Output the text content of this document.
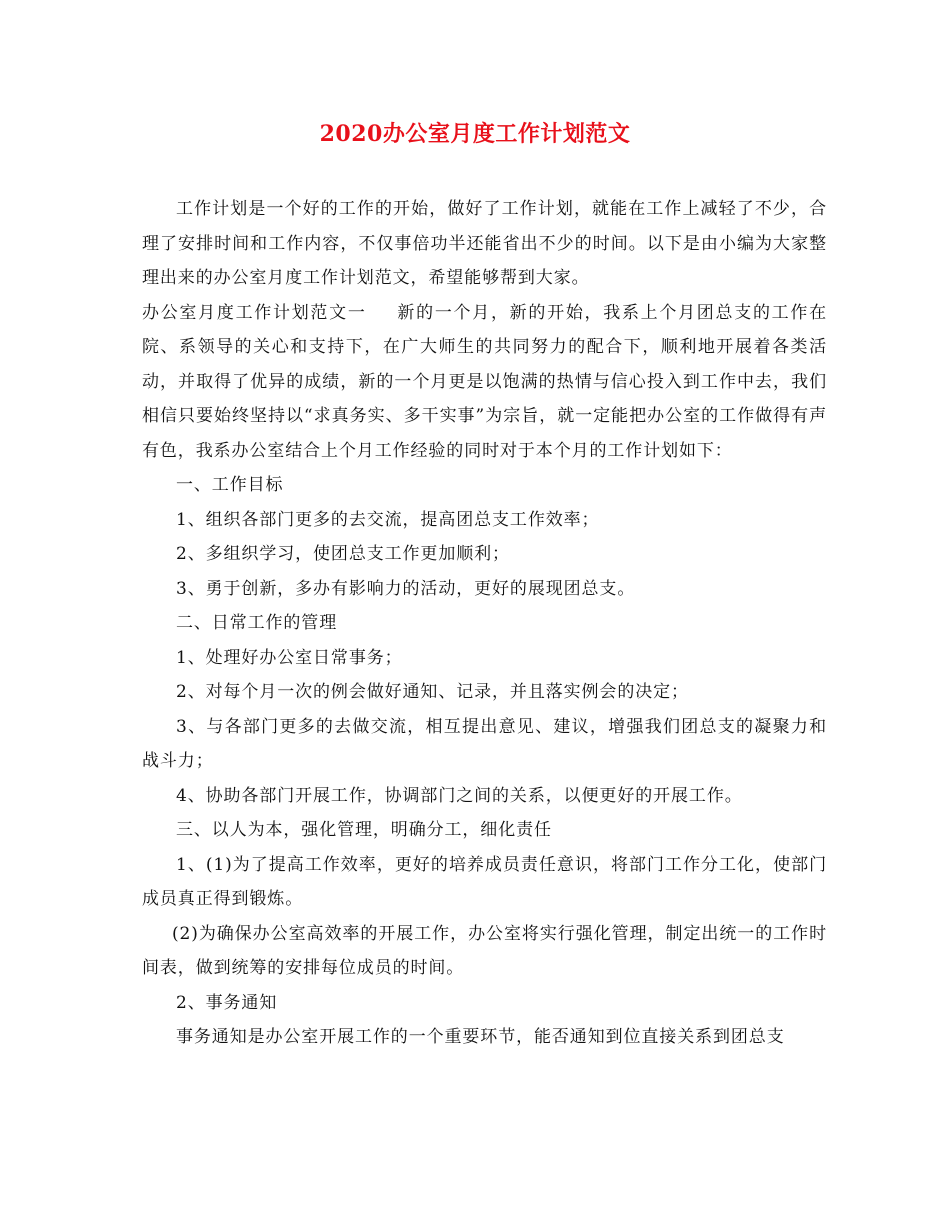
2020办公室月度工作计划范文

工作计划是一个好的工作的开始，做好了工作计划，就能在工作上减轻了不少，合理了安排时间和工作内容，不仅事倍功半还能省出不少的时间。以下是由小编为大家整理出来的办公室月度工作计划范文，希望能够帮到大家。

办公室月度工作计划范文一 新的一个月，新的开始，我系上个月团总支的工作在院、系领导的关心和支持下，在广大师生的共同努力的配合下，顺利地开展着各类活动，并取得了优异的成绩，新的一个月更是以饱满的热情与信心投入到工作中去，我们相信只要始终坚持以“求真务实、多干实事”为宗旨，就一定能把办公室的工作做得有声有色，我系办公室结合上个月工作经验的同时对于本个月的工作计划如下：

一、工作目标

1、组织各部门更多的去交流，提高团总支工作效率；

2、多组织学习，使团总支工作更加顺利；

3、勇于创新，多办有影响力的活动，更好的展现团总支。

二、日常工作的管理

1、处理好办公室日常事务；

2、对每个月一次的例会做好通知、记录，并且落实例会的决定；

3、与各部门更多的去做交流，相互提出意见、建议，增强我们团总支的凝聚力和战斗力；

4、协助各部门开展工作，协调部门之间的关系，以便更好的开展工作。

三、以人为本，强化管理，明确分工，细化责任

1、(1)为了提高工作效率，更好的培养成员责任意识，将部门工作分工化，使部门成员真正得到锻炼。

(2)为确保办公室高效率的开展工作，办公室将实行强化管理，制定出统一的工作时间表，做到统筹的安排每位成员的时间。

2、事务通知

事务通知是办公室开展工作的一个重要环节，能否通知到位直接关系到团总支
